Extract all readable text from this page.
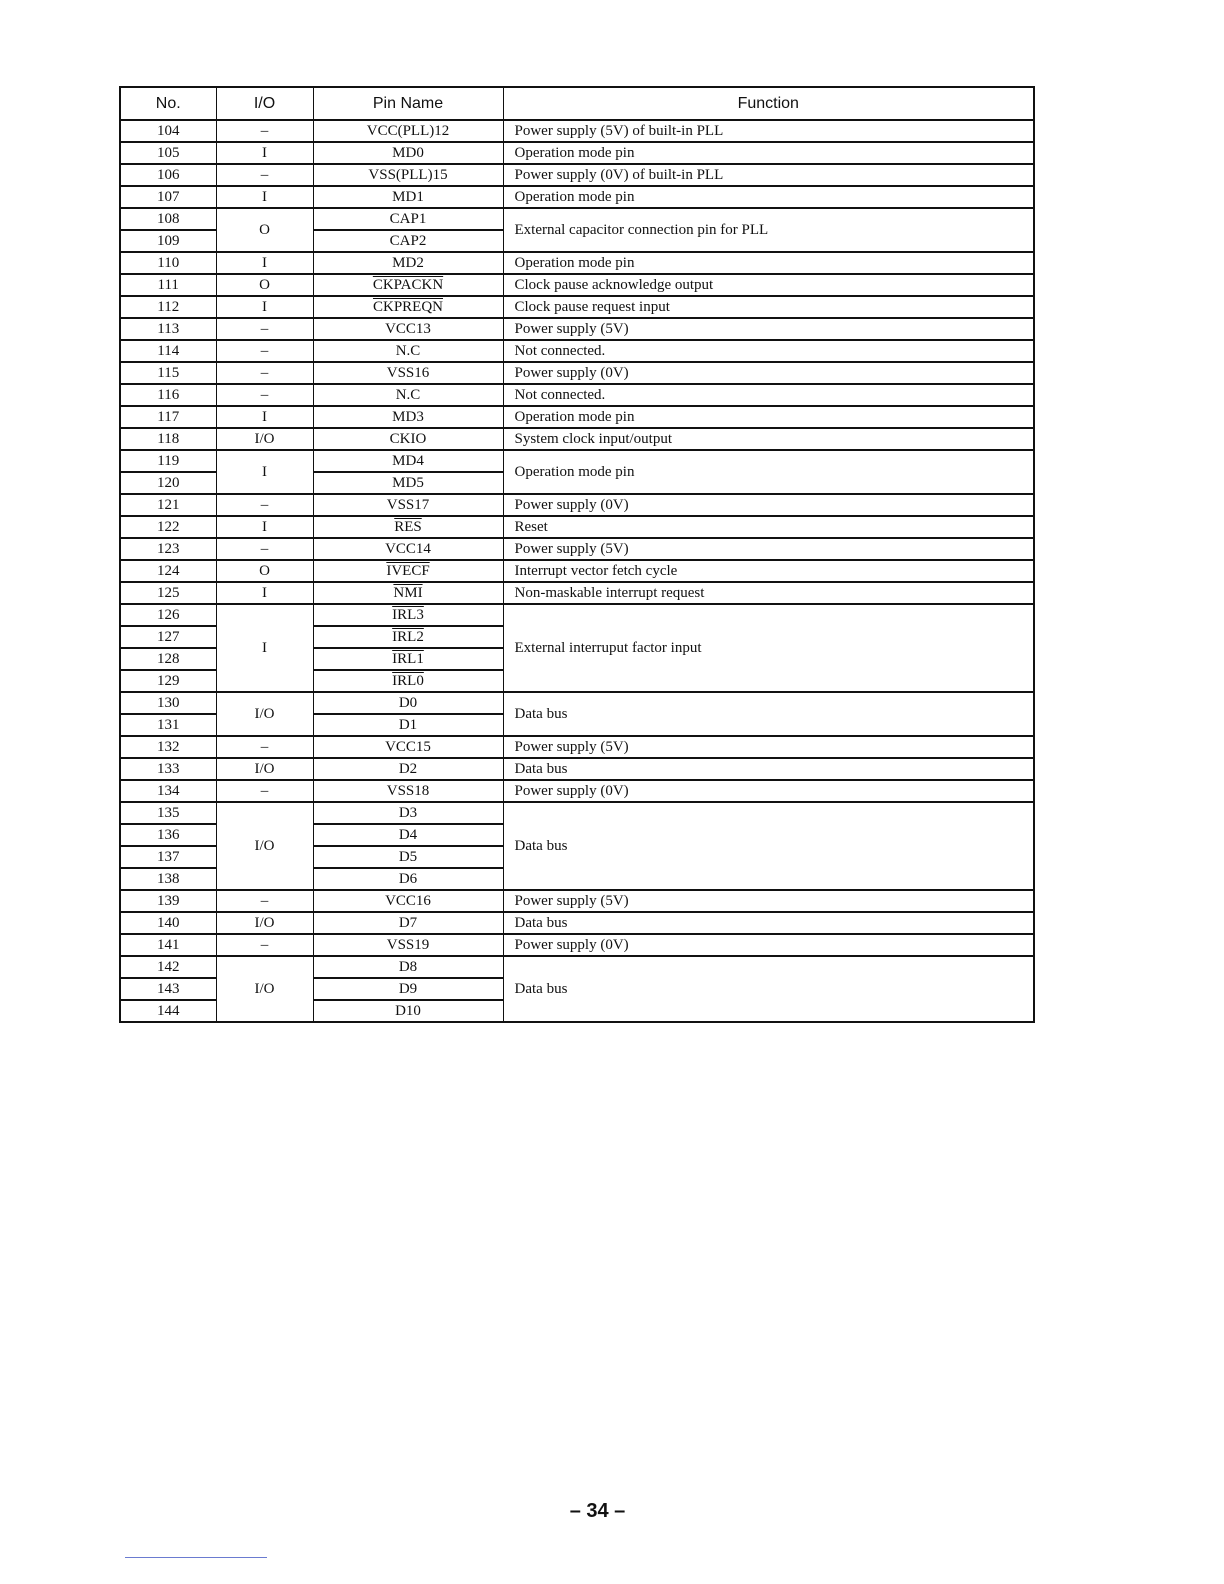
No.	I/O	Pin Name	Function
104	–	VCC(PLL)12	Power supply (5V) of built-in PLL
105	I	MD0	Operation mode pin
106	–	VSS(PLL)15	Power supply (0V) of built-in PLL
107	I	MD1	Operation mode pin
108	O	CAP1	External capacitor connection pin for PLL
109		CAP2	
110	I	MD2	Operation mode pin
111	O	CKPACKN	Clock pause acknowledge output
112	I	CKPREQN	Clock pause request input
113	–	VCC13	Power supply (5V)
114	–	N.C	Not connected.
115	–	VSS16	Power supply (0V)
116	–	N.C	Not connected.
117	I	MD3	Operation mode pin
118	I/O	CKIO	System clock input/output
119	I	MD4	Operation mode pin
120		MD5	
121	–	VSS17	Power supply (0V)
122	I	$\overline{RES}$	Reset
123	–	VCC14	Power supply (5V)
124	O	IVECF	Interrupt vector fetch cycle
125	I	$\overline{NMI}$	Non-maskable interrupt request
126	I	IRL3	External interruput factor input
127		IRL2	
128		IRL1	
129		IRL0	
130	I/O	D0	Data bus
131		D1	
132	–	VCC15	Power supply (5V)
133	I/O	D2	Data bus
134	–	VSS18	Power supply (0V)
135	I/O	D3	Data bus
136		D4	
137		D5	
138		D6	
139	–	VCC16	Power supply (5V)
140	I/O	D7	Data bus
141	–	VSS19	Power supply (0V)
142	I/O	D8	Data bus
143		D9	
144		D10	
– 34 –
